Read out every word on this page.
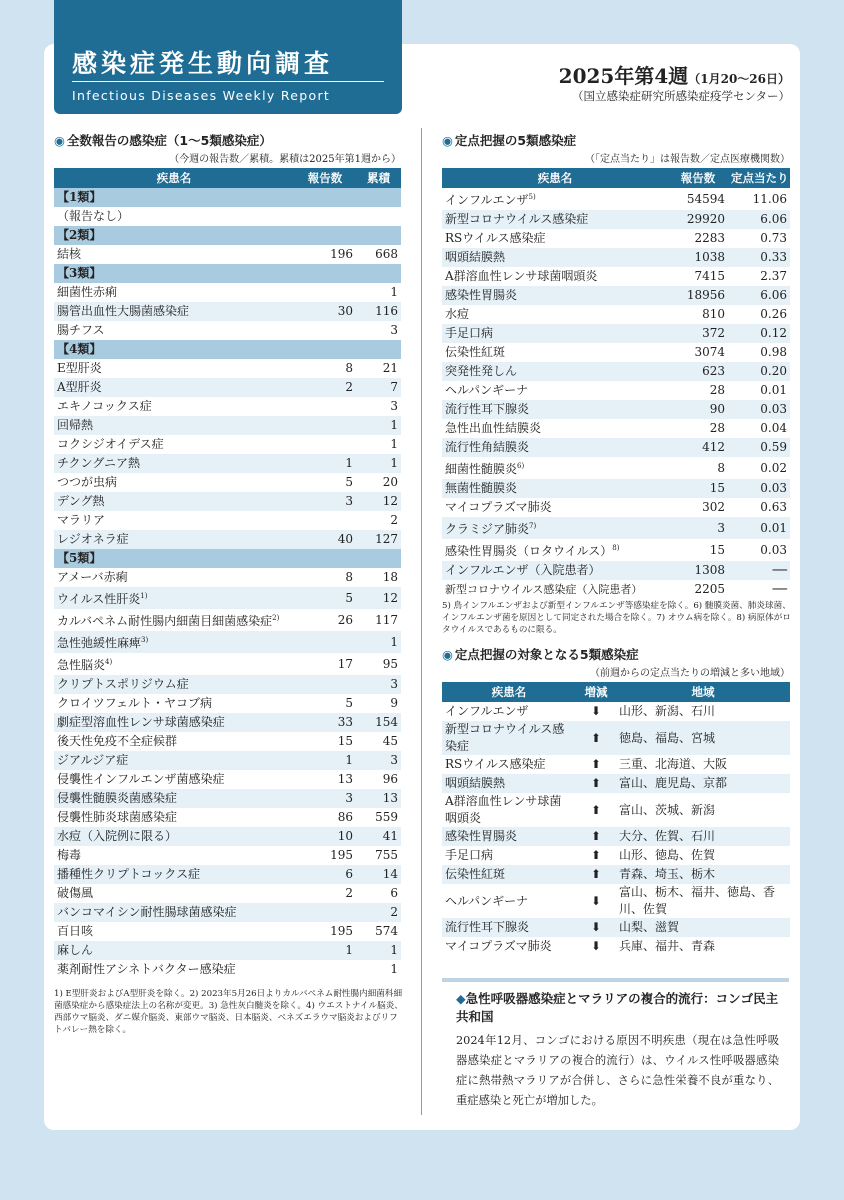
感染症発生動向調査
Infectious Diseases Weekly Report
2025年第4週（1月20～26日）
（国立感染症研究所感染症疫学センター）
◉ 全数報告の感染症（1～5類感染症）
（今週の報告数／累積。累積は2025年第1週から）
疾患名	報告数	累積
【1類】		
（報告なし）		
【2類】		
結核	196	668
【3類】		
細菌性赤痢		1
腸管出血性大腸菌感染症	30	116
腸チフス		3
【4類】		
E型肝炎	8	21
A型肝炎	2	7
エキノコックス症		3
回帰熱		1
コクシジオイデス症		1
チクングニア熱	1	1
つつが虫病	5	20
デング熱	3	12
マラリア		2
レジオネラ症	40	127
【5類】		
アメーバ赤痢	8	18
ウイルス性肝炎$^{1)}$	5	12
カルバペネム耐性腸内細菌目細菌感染症$^{2)}$	26	117
急性弛緩性麻痺$^{3)}$		1
急性脳炎$^{4)}$	17	95
クリプトスポリジウム症		3
クロイツフェルト・ヤコブ病	5	9
劇症型溶血性レンサ球菌感染症	33	154
後天性免疫不全症候群	15	45
ジアルジア症	1	3
侵襲性インフルエンザ菌感染症	13	96
侵襲性髄膜炎菌感染症	3	13
侵襲性肺炎球菌感染症	86	559
水痘（入院例に限る）	10	41
梅毒	195	755
播種性クリプトコックス症	6	14
破傷風	2	6
バンコマイシン耐性腸球菌感染症		2
百日咳	195	574
麻しん	1	1
薬剤耐性アシネトバクター感染症		1
1) E型肝炎およびA型肝炎を除く。2) 2023年5月26日よりカルバペネム耐性腸内細菌科細菌感染症から感染症法上の名称が変更。3) 急性灰白髄炎を除く。4) ウエストナイル脳炎、西部ウマ脳炎、ダニ媒介脳炎、東部ウマ脳炎、日本脳炎、ベネズエラウマ脳炎およびリフトバレー熱を除く。
◉ 定点把握の5類感染症
（「定点当たり」は報告数／定点医療機関数）
疾患名	報告数	定点当たり
インフルエンザ$^{5)}$	54594	11.06
新型コロナウイルス感染症	29920	6.06
RSウイルス感染症	2283	0.73
咽頭結膜熱	1038	0.33
A群溶血性レンサ球菌咽頭炎	7415	2.37
感染性胃腸炎	18956	6.06
水痘	810	0.26
手足口病	372	0.12
伝染性紅斑	3074	0.98
突発性発しん	623	0.20
ヘルパンギーナ	28	0.01
流行性耳下腺炎	90	0.03
急性出血性結膜炎	28	0.04
流行性角結膜炎	412	0.59
細菌性髄膜炎$^{6)}$	8	0.02
無菌性髄膜炎	15	0.03
マイコプラズマ肺炎	302	0.63
クラミジア肺炎$^{7)}$	3	0.01
感染性胃腸炎（ロタウイルス）$^{8)}$	15	0.03
インフルエンザ（入院患者）	1308	──
新型コロナウイルス感染症（入院患者）	2205	──
5) 鳥インフルエンザおよび新型インフルエンザ等感染症を除く。6) 髄膜炎菌、肺炎球菌、インフルエンザ菌を原因として同定された場合を除く。7) オウム病を除く。8) 病原体がロタウイルスであるものに限る。
◉ 定点把握の対象となる5類感染症
（前週からの定点当たりの増減と多い地域）
疾患名	増減	地域
インフルエンザ	⬇	山形、新潟、石川
新型コロナウイルス感染症	⬆	徳島、福島、宮城
RSウイルス感染症	⬆	三重、北海道、大阪
咽頭結膜熱	⬆	富山、鹿児島、京都
A群溶血性レンサ球菌咽頭炎	⬆	富山、茨城、新潟
感染性胃腸炎	⬆	大分、佐賀、石川
手足口病	⬆	山形、徳島、佐賀
伝染性紅斑	⬆	青森、埼玉、栃木
ヘルパンギーナ	⬇	富山、栃木、福井、徳島、香川、佐賀
流行性耳下腺炎	⬇	山梨、滋賀
マイコプラズマ肺炎	⬇	兵庫、福井、青森
◆急性呼吸器感染症とマラリアの複合的流行：コンゴ民主共和国
2024年12月、コンゴにおける原因不明疾患（現在は急性呼吸器感染症とマラリアの複合的流行）は、ウイルス性呼吸器感染症に熱帯熱マラリアが合併し、さらに急性栄養不良が重なり、重症感染と死亡が増加した。
